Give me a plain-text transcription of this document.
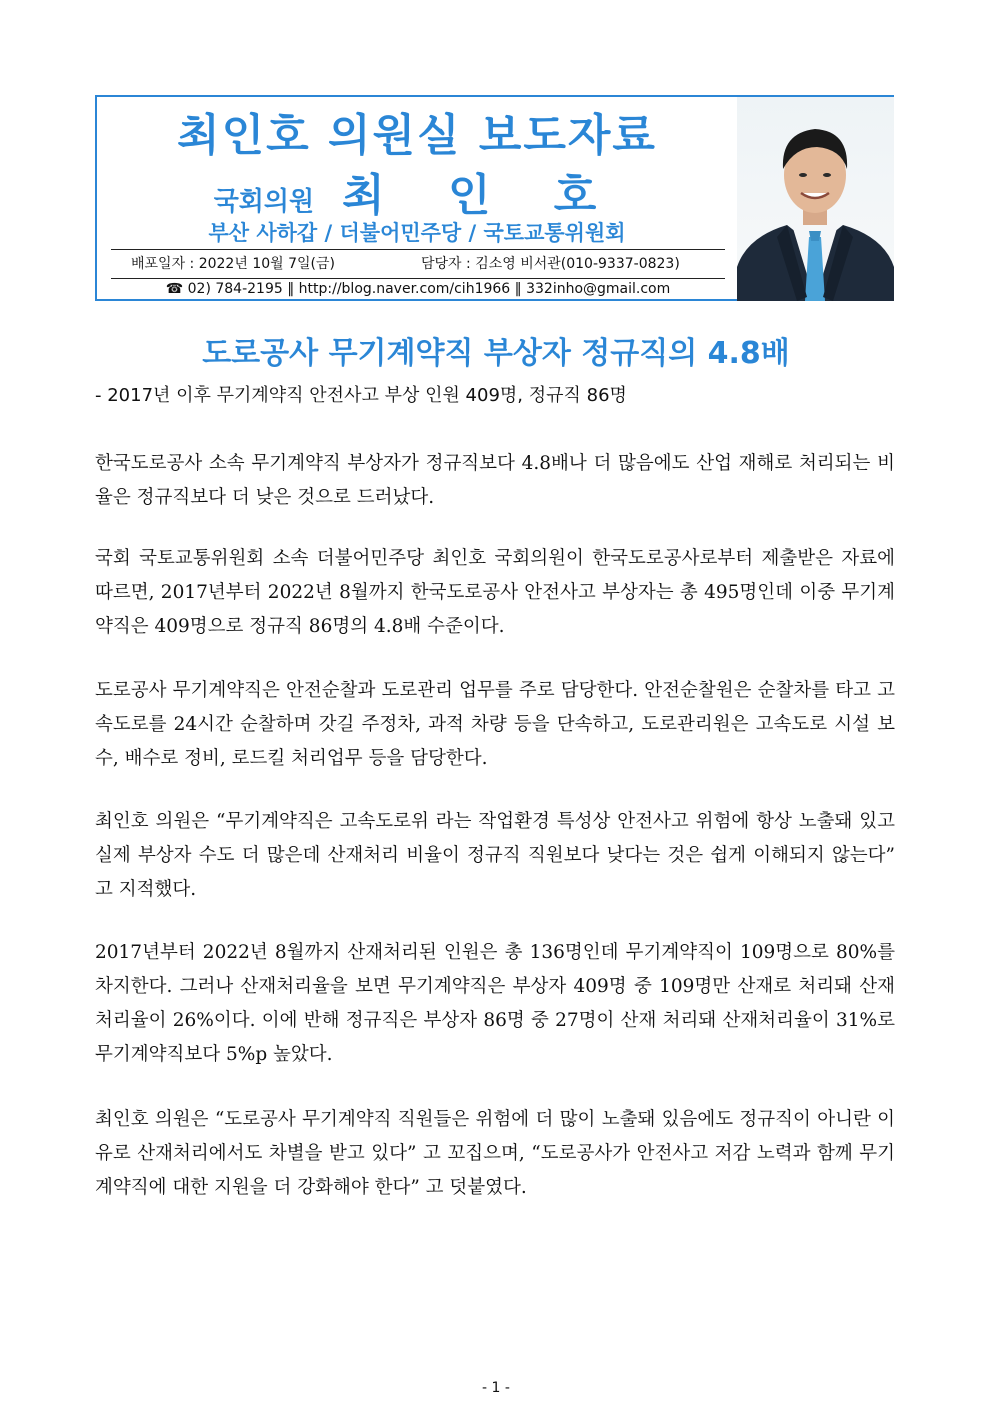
최인호 의원실 보도자료
국회의원 최 인 호
부산 사하갑 / 더불어민주당 / 국토교통위원회
배포일자 : 2022년 10월 7일(금)	담당자 : 김소영 비서관(010-9337-0823)
☎ 02) 784-2195 ‖ http://blog.naver.com/cih1966 ‖ 332inho@gmail.com
도로공사 무기계약직 부상자 정규직의 4.8배
- 2017년 이후 무기계약직 안전사고 부상 인원 409명, 정규직 86명

한국도로공사 소속 무기계약직 부상자가 정규직보다 4.8배나 더 많음에도 산업 재해로 처리되는 비율은 정규직보다 더 낮은 것으로 드러났다.

국회 국토교통위원회 소속 더불어민주당 최인호 국회의원이 한국도로공사로부터 제출받은 자료에 따르면, 2017년부터 2022년 8월까지 한국도로공사 안전사고 부상자는 총 495명인데 이중 무기계약직은 409명으로 정규직 86명의 4.8배 수준이다.

도로공사 무기계약직은 안전순찰과 도로관리 업무를 주로 담당한다. 안전순찰원은 순찰차를 타고 고속도로를 24시간 순찰하며 갓길 주정차, 과적 차량 등을 단속하고, 도로관리원은 고속도로 시설 보수, 배수로 정비, 로드킬 처리업무 등을 담당한다.

최인호 의원은 “무기계약직은 고속도로위 라는 작업환경 특성상 안전사고 위험에 항상 노출돼 있고 실제 부상자 수도 더 많은데 산재처리 비율이 정규직 직원보다 낮다는 것은 쉽게 이해되지 않는다” 고 지적했다.

2017년부터 2022년 8월까지 산재처리된 인원은 총 136명인데 무기계약직이 109명으로 80%를 차지한다. 그러나 산재처리율을 보면 무기계약직은 부상자 409명 중 109명만 산재로 처리돼 산재처리율이 26%이다. 이에 반해 정규직은 부상자 86명 중 27명이 산재 처리돼 산재처리율이 31%로 무기계약직보다 5%p 높았다.

최인호 의원은 “도로공사 무기계약직 직원들은 위험에 더 많이 노출돼 있음에도 정규직이 아니란 이유로 산재처리에서도 차별을 받고 있다” 고 꼬집으며, “도로공사가 안전사고 저감 노력과 함께 무기계약직에 대한 지원을 더 강화해야 한다” 고 덧붙였다.

- 1 -
